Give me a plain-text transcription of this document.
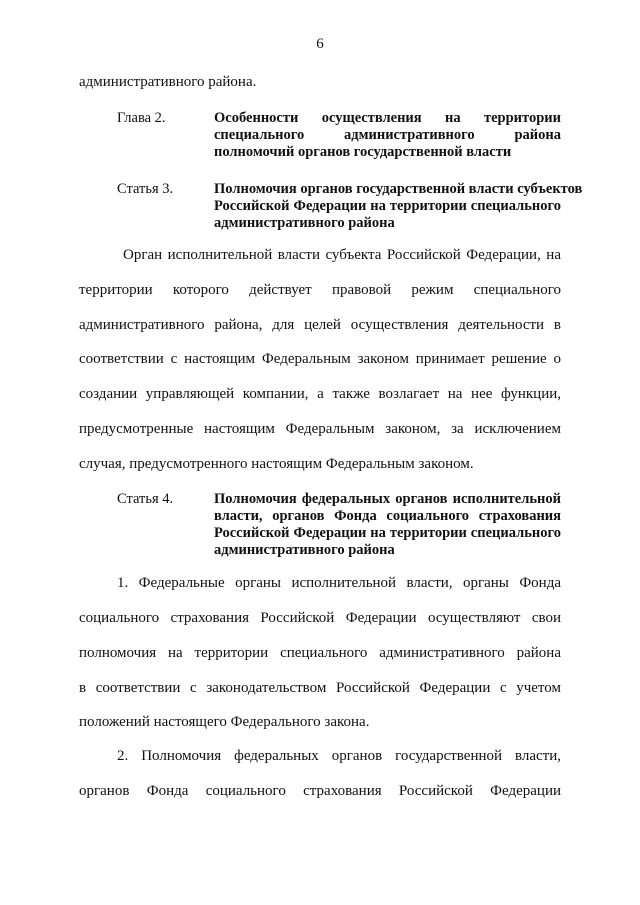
6
административного района.
Глава 2.	Особенности осуществления на территории
специального административного района
полномочий органов государственной власти
Статья 3.	Полномочия органов государственной власти субъектов
Российской Федерации на территории специального
административного района
Орган исполнительной власти субъекта Российской Федерации, на
территории которого действует правовой режим специального
административного района, для целей осуществления деятельности в
соответствии с настоящим Федеральным законом принимает решение о
создании управляющей компании, а также возлагает на нее функции,
предусмотренные настоящим Федеральным законом, за исключением
случая, предусмотренного настоящим Федеральным законом.
Статья 4.	Полномочия федеральных органов исполнительной
власти, органов Фонда социального страхования
Российской Федерации на территории специального
административного района
1. Федеральные органы исполнительной власти, органы Фонда
социального страхования Российской Федерации осуществляют свои
полномочия на территории специального административного района
в соответствии с законодательством Российской Федерации с учетом
положений настоящего Федерального закона.
2. Полномочия федеральных органов государственной власти,
органов Фонда социального страхования Российской Федерации
